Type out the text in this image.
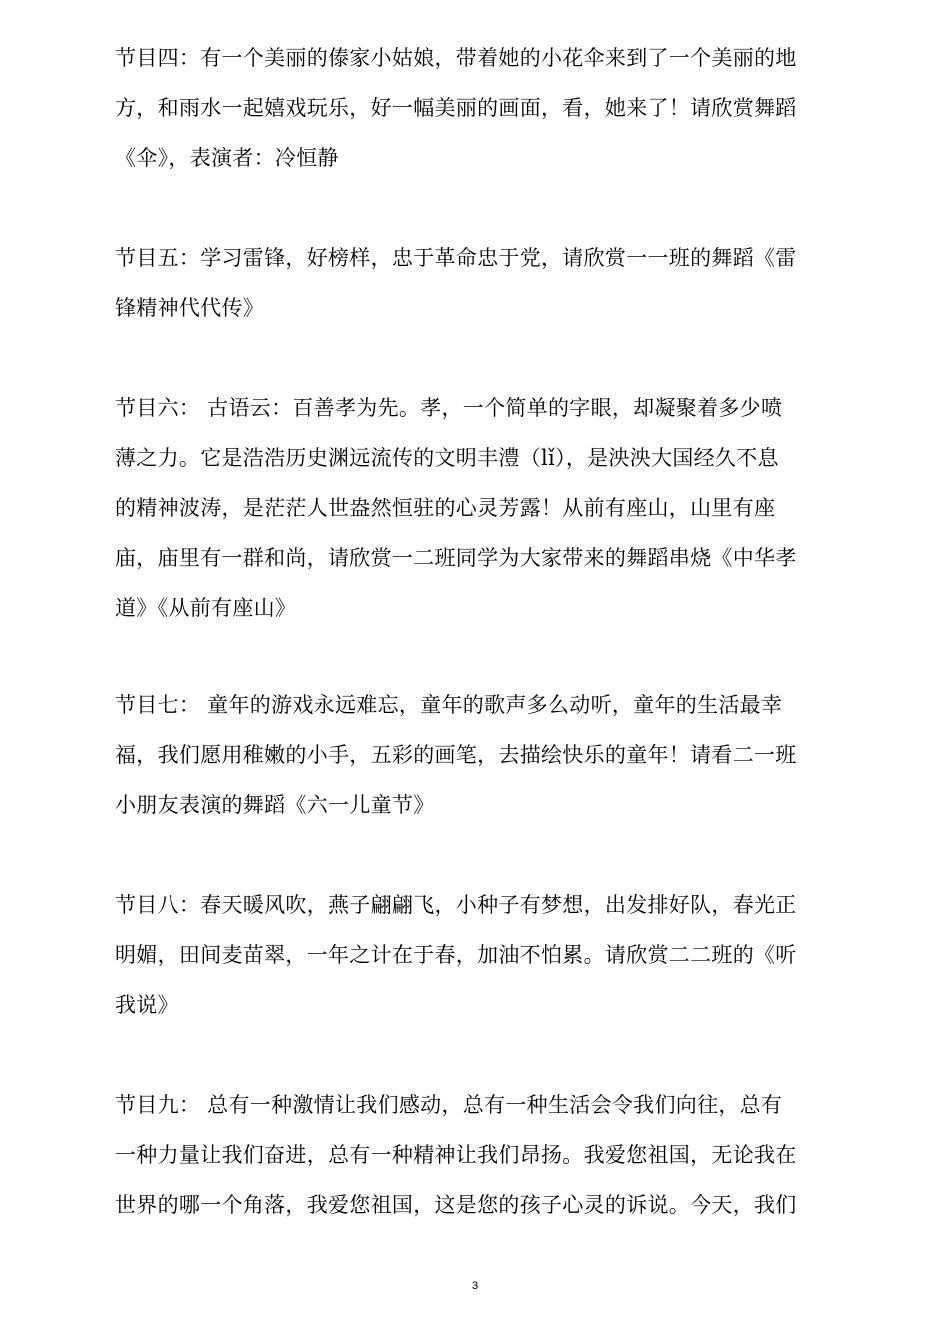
节目四：有一个美丽的傣家小姑娘，带着她的小花伞来到了一个美丽的地
方，和雨水一起嬉戏玩乐，好一幅美丽的画面，看，她来了！请欣赏舞蹈
《伞》，表演者：冷恒静
节目五：学习雷锋，好榜样，忠于革命忠于党，请欣赏一一班的舞蹈《雷
锋精神代代传》
节目六： 古语云：百善孝为先。孝，一个简单的字眼，却凝聚着多少喷
薄之力。它是浩浩历史渊远流传的文明丰澧（lǐ），是泱泱大国经久不息
的精神波涛，是茫茫人世盎然恒驻的心灵芳露！从前有座山，山里有座
庙，庙里有一群和尚，请欣赏一二班同学为大家带来的舞蹈串烧《中华孝
道》《从前有座山》
节目七： 童年的游戏永远难忘，童年的歌声多么动听，童年的生活最幸
福，我们愿用稚嫩的小手，五彩的画笔，去描绘快乐的童年！请看二一班
小朋友表演的舞蹈《六一儿童节》
节目八：春天暖风吹，燕子翩翩飞，小种子有梦想，出发排好队，春光正
明媚，田间麦苗翠，一年之计在于春，加油不怕累。请欣赏二二班的《听
我说》
节目九： 总有一种激情让我们感动，总有一种生活会令我们向往，总有
一种力量让我们奋进，总有一种精神让我们昂扬。我爱您祖国，无论我在
世界的哪一个角落，我爱您祖国，这是您的孩子心灵的诉说。今天，我们
3
